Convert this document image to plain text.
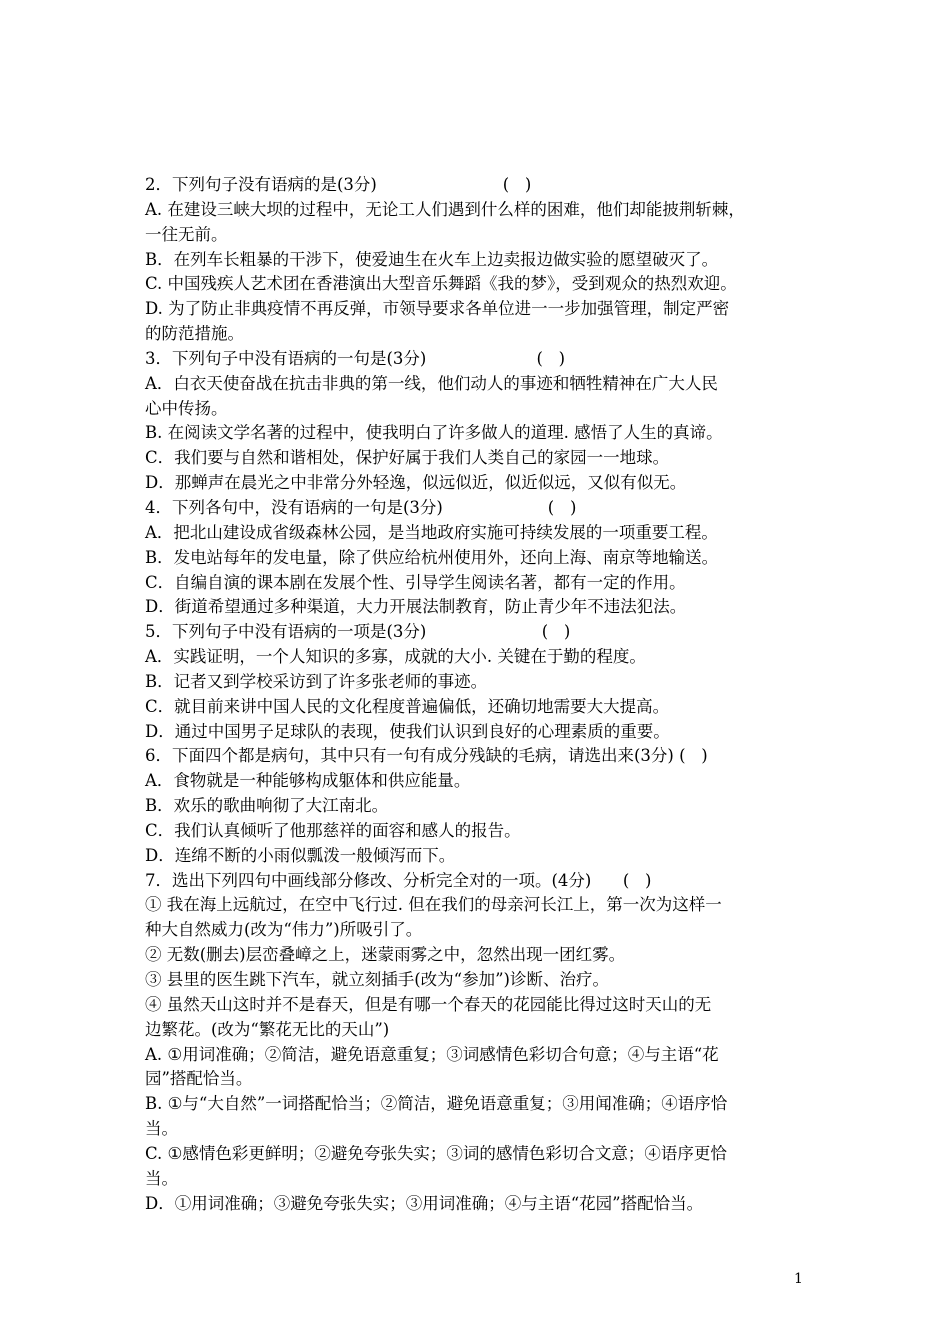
2．下列句子没有语病的是(3分)                        (   )
A. 在建设三峡大坝的过程中，无论工人们遇到什么样的困难，他们却能披荆斩棘，
一往无前。
B．在列车长粗暴的干涉下，使爱迪生在火车上边卖报边做实验的愿望破灭了。
C. 中国残疾人艺术团在香港演出大型音乐舞蹈《我的梦》，受到观众的热烈欢迎。
D. 为了防止非典疫情不再反弹，市领导要求各单位进一一步加强管理，制定严密
的防范措施。
3．下列句子中没有语病的一句是(3分)                     (   )
A．白衣天使奋战在抗击非典的第一线，他们动人的事迹和牺牲精神在广大人民
心中传扬。
B. 在阅读文学名著的过程中，使我明白了许多做人的道理. 感悟了人生的真谛。
C．我们要与自然和谐相处，保护好属于我们人类自己的家园一一地球。
D．那蝉声在晨光之中非常分外轻逸，似远似近，似近似远，又似有似无。
4．下列各句中，没有语病的一句是(3分)                    (   )
A．把北山建设成省级森林公园，是当地政府实施可持续发展的一项重要工程。
B．发电站每年的发电量，除了供应给杭州使用外，还向上海、南京等地输送。
C．自编自演的课本剧在发展个性、引导学生阅读名著，都有一定的作用。
D．街道希望通过多种渠道，大力开展法制教育，防止青少年不违法犯法。
5．下列句子中没有语病的一项是(3分)                      (   )
A．实践证明，一个人知识的多寡，成就的大小. 关键在于勤的程度。
B．记者又到学校采访到了许多张老师的事迹。
C．就目前来讲中国人民的文化程度普遍偏低，还确切地需要大大提高。
D．通过中国男子足球队的表现，使我们认识到良好的心理素质的重要。
6．下面四个都是病句，其中只有一句有成分残缺的毛病，请选出来(3分) (   )
A．食物就是一种能够构成躯体和供应能量。
B．欢乐的歌曲响彻了大江南北。
C．我们认真倾听了他那慈祥的面容和感人的报告。
D．连绵不断的小雨似瓢泼一般倾泻而下。
7．选出下列四句中画线部分修改、分析完全对的一项。(4分)      (   )
① 我在海上远航过，在空中飞行过. 但在我们的母亲河长江上，第一次为这样一
种大自然威力(改为“伟力”)所吸引了。
② 无数(删去)层峦叠嶂之上，迷蒙雨雾之中，忽然出现一团红雾。
③ 县里的医生跳下汽车，就立刻插手(改为“参加”)诊断、治疗。
④ 虽然天山这时并不是春天，但是有哪一个春天的花园能比得过这时天山的无
边繁花。(改为“繁花无比的天山”)
A. ①用词准确；②简洁，避免语意重复；③词感情色彩切合句意；④与主语“花
园”搭配恰当。
B. ①与“大自然”一词搭配恰当；②简洁，避免语意重复；③用闻准确；④语序恰
当。
C. ①感情色彩更鲜明；②避免夸张失实；③词的感情色彩切合文意；④语序更恰
当。
D．①用词准确；③避免夸张失实；③用词准确；④与主语“花园”搭配恰当。
1
